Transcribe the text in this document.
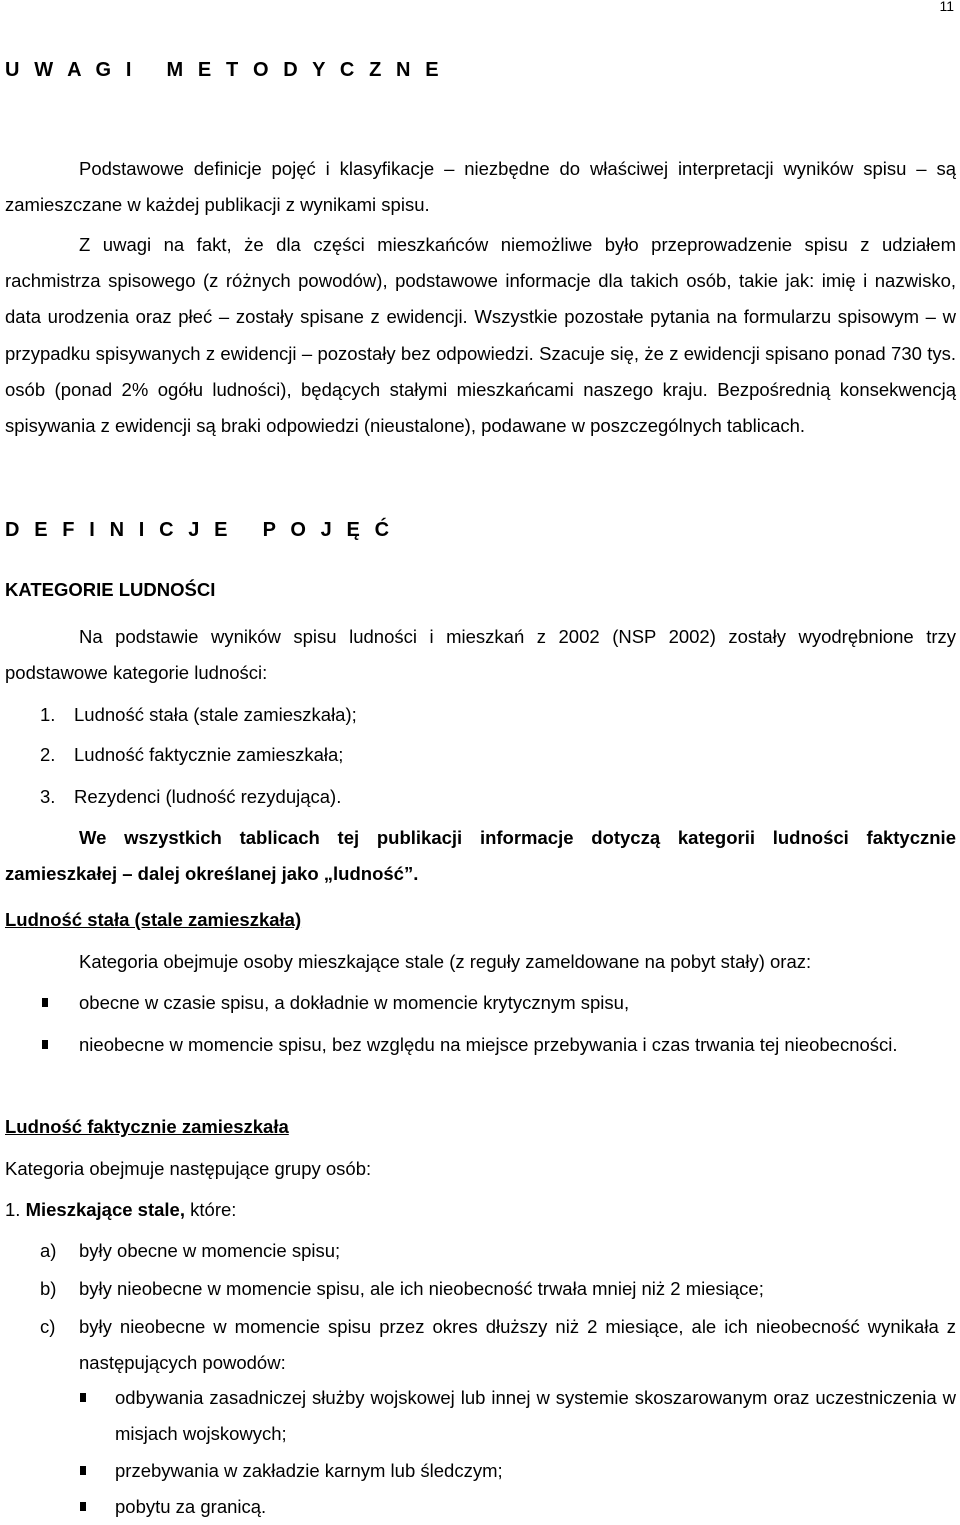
11
U W A G I   M E T O D Y C Z N E

Podstawowe definicje pojęć i klasyfikacje – niezbędne do właściwej interpretacji wyników spisu – są zamieszczane w każdej publikacji z wynikami spisu.

Z uwagi na fakt, że dla części mieszkańców niemożliwe było przeprowadzenie spisu z udziałem rachmistrza spisowego (z różnych powodów), podstawowe informacje dla takich osób, takie jak: imię i nazwisko, data urodzenia oraz płeć – zostały spisane z ewidencji. Wszystkie pozostałe pytania na formularzu spisowym – w przypadku spisywanych z ewidencji – pozostały bez odpowiedzi. Szacuje się, że z ewidencji spisano ponad 730 tys. osób (ponad 2% ogółu ludności), będących stałymi mieszkańcami naszego kraju. Bezpośrednią konsekwencją spisywania z ewidencji są braki odpowiedzi (nieustalone), podawane w poszczególnych tablicach.

D E F I N I C J E   P O J Ę Ć
KATEGORIE LUDNOŚCI

Na podstawie wyników spisu ludności i mieszkań z 2002 (NSP 2002) zostały wyodrębnione trzy podstawowe kategorie ludności:

1. Ludność stała (stale zamieszkała);
2. Ludność faktycznie zamieszkała;
3. Rezydenci (ludność rezydująca).

We wszystkich tablicach tej publikacji informacje dotyczą kategorii ludności faktycznie zamieszkałej – dalej określanej jako „ludność”.

Ludność stała (stale zamieszkała)

Kategoria obejmuje osoby mieszkające stale (z reguły zameldowane na pobyt stały) oraz:

obecne w czasie spisu, a dokładnie w momencie krytycznym spisu,
nieobecne w momencie spisu, bez względu na miejsce przebywania i czas trwania tej nieobecności.
Ludność faktycznie zamieszkała

Kategoria obejmuje następujące grupy osób:

1. Mieszkające stale, które:
a) były obecne w momencie spisu;
b) były nieobecne w momencie spisu, ale ich nieobecność trwała mniej niż 2 miesiące;
c) były nieobecne w momencie spisu przez okres dłuższy niż 2 miesiące, ale ich nieobecność wynikała z następujących powodów:
odbywania zasadniczej służby wojskowej lub innej w systemie skoszarowanym oraz uczestniczenia w misjach wojskowych;
przebywania w zakładzie karnym lub śledczym;
pobytu za granicą.
